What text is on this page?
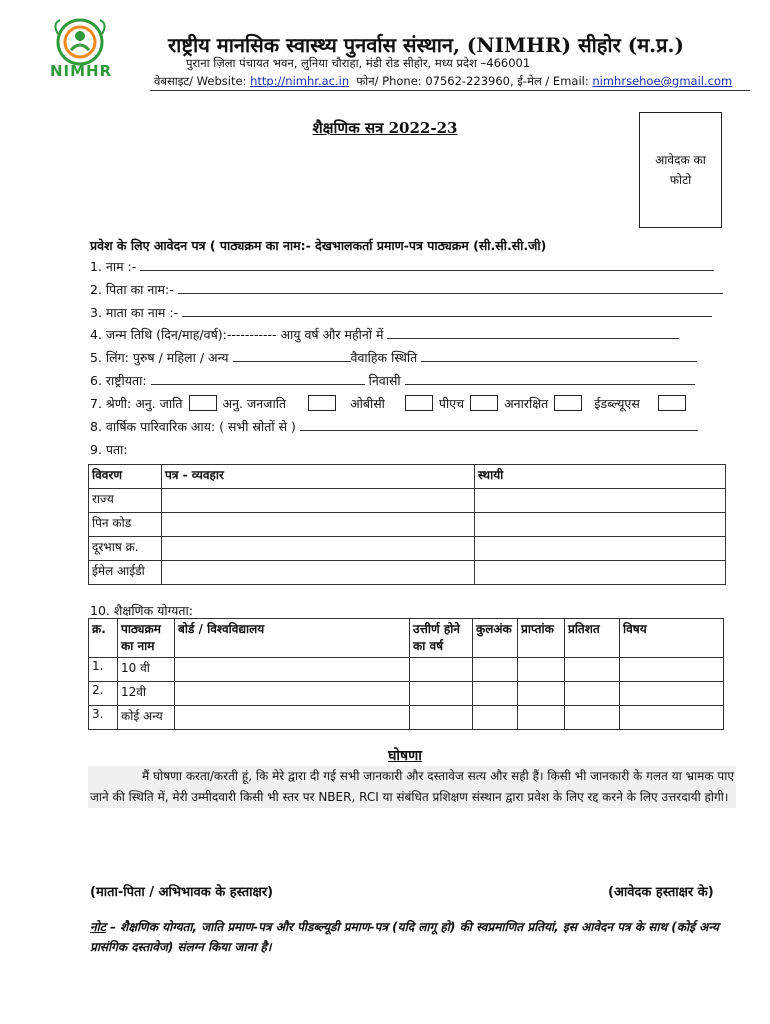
NIMHR
राष्ट्रीय मानसिक स्वास्थ्य पुनर्वास संस्थान, (NIMHR) सीहोर (म.प्र.)
पुराना ज़िला पंचायत भवन, लुनिया चौराहा, मंडी रोड सीहोर, मध्य प्रदेश –466001
वेबसाइट/ Website: http://nimhr.ac.in  फोन/ Phone: 07562-223960, ई-मेल / Email: nimhrsehoe@gmail.com
शैक्षणिक सत्र 2022-23
आवेदक का
फोटो
प्रवेश के लिए आवेदन पत्र ( पाठ्यक्रम का नाम:- देखभालकर्ता प्रमाण-पत्र पाठ्यक्रम (सी.सी.सी.जी)
1. नाम :-
2. पिता का नाम:-
3. माता का नाम :-
4. जन्म तिथि (दिन/माह/वर्ष):----------- आयु वर्ष और महीनों में
5. लिंग: पुरुष / महिला / अन्य	वैवाहिक स्थिति
6. राष्ट्रीयता:	निवासी
7. श्रेणी: अनु. जाति	अनु. जनजाति	ओबीसी	पीएच	अनारक्षित	ईडब्ल्यूएस
8. वार्षिक पारिवारिक आय: ( सभी स्रोतों से )
9. पता:
विवरण	पत्र - व्यवहार	स्थायी
राज्य		
पिन कोड		
दूरभाष क्र.		
ईमेल आईडी		
10. शैक्षणिक योग्यता:
क्र.	पाठ्यक्रम का नाम	बोर्ड / विश्वविद्यालय	उत्तीर्ण होने का वर्ष	कुलअंक	प्राप्तांक	प्रतिशत	विषय
1.	10 वी						
2.	12वी						
3.	कोई अन्य						
घोषणा
मैं घोषणा करता/करती हूं, कि मेरे द्वारा दी गई सभी जानकारी और दस्तावेज सत्य और सही हैं। किसी भी जानकारी के गलत या भ्रामक पाए जाने की स्थिति में, मेरी उम्मीदवारी किसी भी स्तर पर NBER, RCI या संबंधित प्रशिक्षण संस्थान द्वारा प्रवेश के लिए रद्द करने के लिए उत्तरदायी होगी।
(माता-पिता / अभिभावक के हस्ताक्षर)	(आवेदक हस्ताक्षर के)
नोट – शैक्षणिक योग्यता, जाति प्रमाण-पत्र और पीडब्ल्यूडी प्रमाण-पत्र (यदि लागू हो) की स्वप्रमाणित प्रतियां, इस आवेदन पत्र के साथ (कोई अन्य प्रासंगिक दस्तावेज) संलग्न किया जाना है।
